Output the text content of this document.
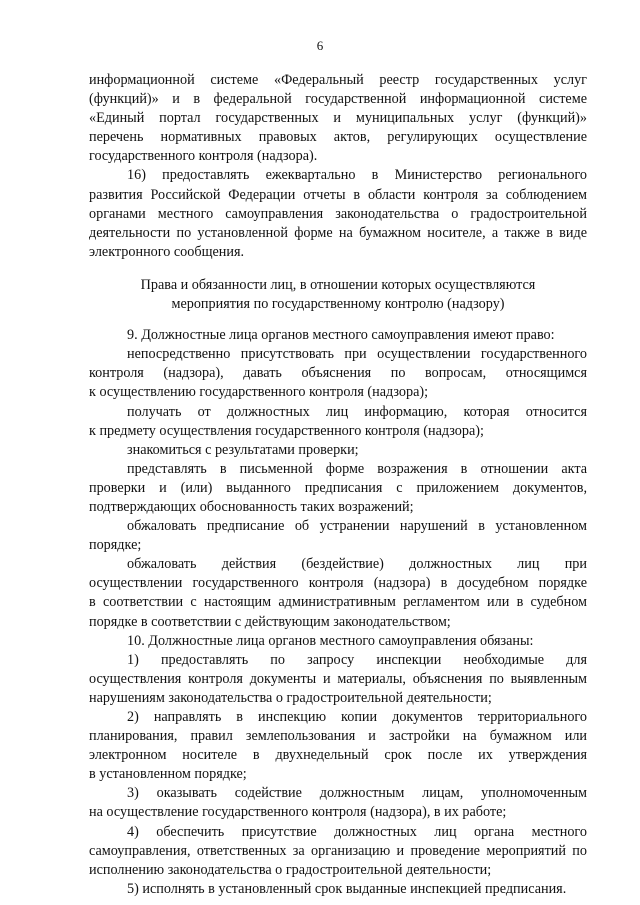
6
информационной системе «Федеральный реестр государственных услуг
(функций)» и в федеральной государственной информационной системе
«Единый портал государственных и муниципальных услуг (функций)»
перечень нормативных правовых актов, регулирующих осуществление
государственного контроля (надзора).
16) предоставлять ежеквартально в Министерство регионального
развития Российской Федерации отчеты в области контроля за соблюдением
органами местного самоуправления законодательства о градостроительной
деятельности по установленной форме на бумажном носителе, а также в виде
электронного сообщения.
Права и обязанности лиц, в отношении которых осуществляются
мероприятия по государственному контролю (надзору)
9. Должностные лица органов местного самоуправления имеют право:
непосредственно присутствовать при осуществлении государственного
контроля (надзора), давать объяснения по вопросам, относящимся
к осуществлению государственного контроля (надзора);
получать от должностных лиц информацию, которая относится
к предмету осуществления государственного контроля (надзора);
знакомиться с результатами проверки;
представлять в письменной форме возражения в отношении акта
проверки и (или) выданного предписания с приложением документов,
подтверждающих обоснованность таких возражений;
обжаловать предписание об устранении нарушений в установленном
порядке;
обжаловать действия (бездействие) должностных лиц при
осуществлении государственного контроля (надзора) в досудебном порядке
в соответствии с настоящим административным регламентом или в судебном
порядке в соответствии с действующим законодательством;
10. Должностные лица органов местного самоуправления обязаны:
1) предоставлять по запросу инспекции необходимые для
осуществления контроля документы и материалы, объяснения по выявленным
нарушениям законодательства о градостроительной деятельности;
2) направлять в инспекцию копии документов территориального
планирования, правил землепользования и застройки на бумажном или
электронном носителе в двухнедельный срок после их утверждения
в установленном порядке;
3) оказывать содействие должностным лицам, уполномоченным
на осуществление государственного контроля (надзора), в их работе;
4) обеспечить присутствие должностных лиц органа местного
самоуправления, ответственных за организацию и проведение мероприятий по
исполнению законодательства о градостроительной деятельности;
5) исполнять в установленный срок выданные инспекцией предписания.
